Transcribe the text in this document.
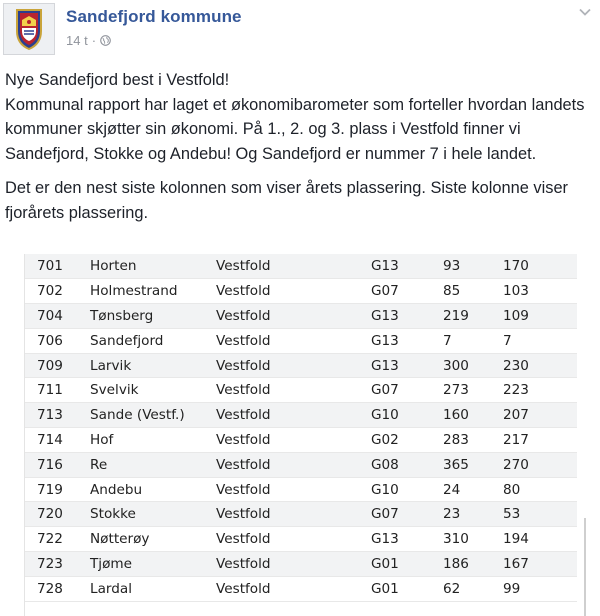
Sandefjord kommune
14 t ·

Nye Sandefjord best i Vestfold!

Kommunal rapport har laget et økonomibarometer som forteller hvordan landets kommuner skjøtter sin økonomi. På 1., 2. og 3. plass i Vestfold finner vi Sandefjord, Stokke og Andebu! Og Sandefjord er nummer 7 i hele landet.

Det er den nest siste kolonnen som viser årets plassering. Siste kolonne viser fjorårets plassering.

701	Horten	Vestfold	G13	93	170
702	Holmestrand	Vestfold	G07	85	103
704	Tønsberg	Vestfold	G13	219	109
706	Sandefjord	Vestfold	G13	7	7
709	Larvik	Vestfold	G13	300	230
711	Svelvik	Vestfold	G07	273	223
713	Sande (Vestf.)	Vestfold	G10	160	207
714	Hof	Vestfold	G02	283	217
716	Re	Vestfold	G08	365	270
719	Andebu	Vestfold	G10	24	80
720	Stokke	Vestfold	G07	23	53
722	Nøtterøy	Vestfold	G13	310	194
723	Tjøme	Vestfold	G01	186	167
728	Lardal	Vestfold	G01	62	99
